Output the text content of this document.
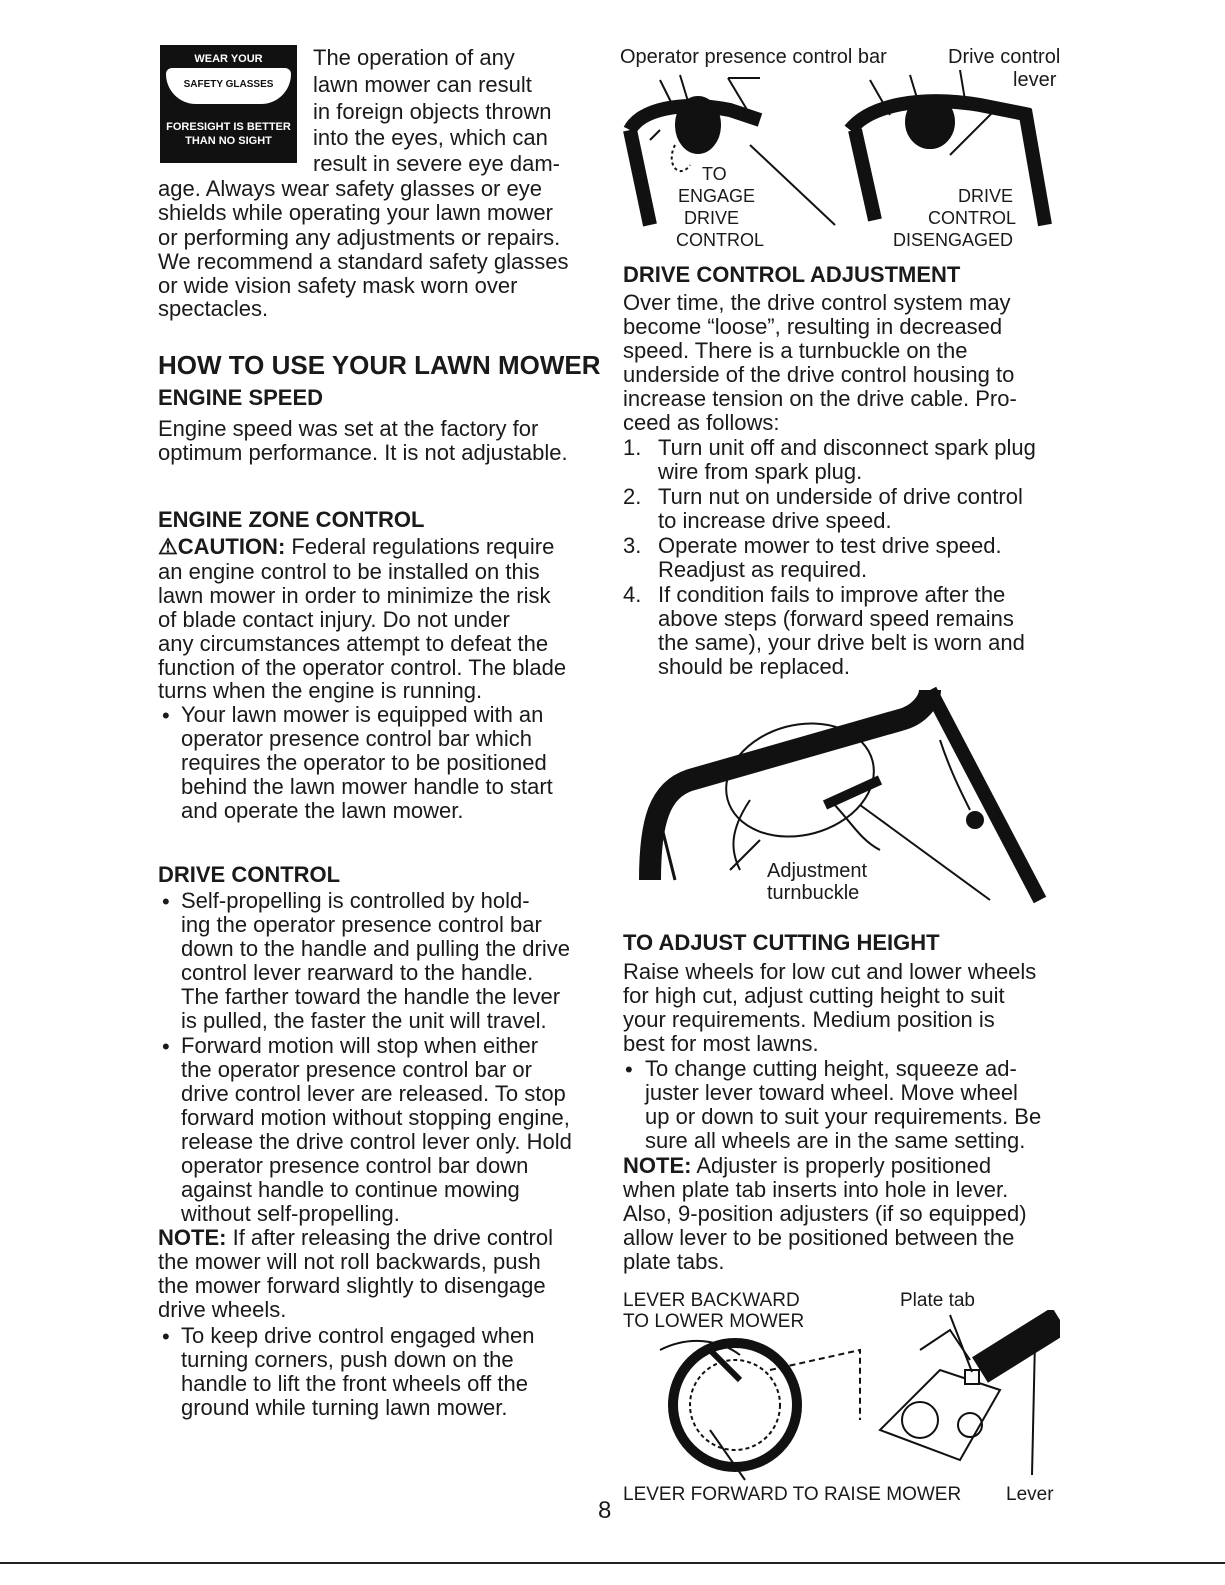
WEAR YOUR
SAFETY GLASSES
FORESIGHT IS BETTER
THAN NO SIGHT
The operation of any
lawn mower can result
in foreign objects thrown
into the eyes, which can
result in severe eye dam-
age. Always wear safety glasses or eye
shields while operating your lawn mower
or performing any adjustments or repairs.
We recommend a standard safety glasses
or wide vision safety mask worn over
spectacles.
HOW TO USE YOUR LAWN MOWER
ENGINE SPEED
Engine speed was set at the factory for
optimum performance. It is not adjustable.
ENGINE ZONE CONTROL
⚠CAUTION: Federal regulations require
an engine control to be installed on this
lawn mower in order to minimize the risk
of blade contact injury. Do not under
any circumstances attempt to defeat the
function of the operator control. The blade
turns when the engine is running.
• Your lawn mower is equipped with an
operator presence control bar which
requires the operator to be positioned
behind the lawn mower handle to start
and operate the lawn mower.
DRIVE CONTROL
• Self-propelling is controlled by hold-
ing the operator presence control bar
down to the handle and pulling the drive
control lever rearward to the handle.
The farther toward the handle the lever
is pulled, the faster the unit will travel.
• Forward motion will stop when either
the operator presence control bar or
drive control lever are released. To stop
forward motion without stopping engine,
release the drive control lever only. Hold
operator presence control bar down
against handle to continue mowing
without self-propelling.
NOTE: If after releasing the drive control
the mower will not roll backwards, push
the mower forward slightly to disengage
drive wheels.
• To keep drive control engaged when
turning corners, push down on the
handle to lift the front wheels off the
ground while turning lawn mower.
Operator presence control bar	Drive control
lever
TO
ENGAGE
DRIVE
CONTROL
DRIVE
CONTROL
DISENGAGED
DRIVE CONTROL ADJUSTMENT
Over time, the drive control system may
become “loose”, resulting in decreased
speed. There is a turnbuckle on the
underside of the drive control housing to
increase tension on the drive cable. Pro-
ceed as follows:
1. Turn unit off and disconnect spark plug
wire from spark plug.
2. Turn nut on underside of drive control
to increase drive speed.
3. Operate mower to test drive speed.
Readjust as required.
4. If condition fails to improve after the
above steps (forward speed remains
the same), your drive belt is worn and
should be replaced.
Adjustment
turnbuckle
TO ADJUST CUTTING HEIGHT
Raise wheels for low cut and lower wheels
for high cut, adjust cutting height to suit
your requirements. Medium position is
best for most lawns.
• To change cutting height, squeeze ad-
juster lever toward wheel. Move wheel
up or down to suit your requirements. Be
sure all wheels are in the same setting.
NOTE: Adjuster is properly positioned
when plate tab inserts into hole in lever.
Also, 9-position adjusters (if so equipped)
allow lever to be positioned between the
plate tabs.
LEVER BACKWARD
TO LOWER MOWER
Plate tab
LEVER FORWARD TO RAISE MOWER Lever
8
